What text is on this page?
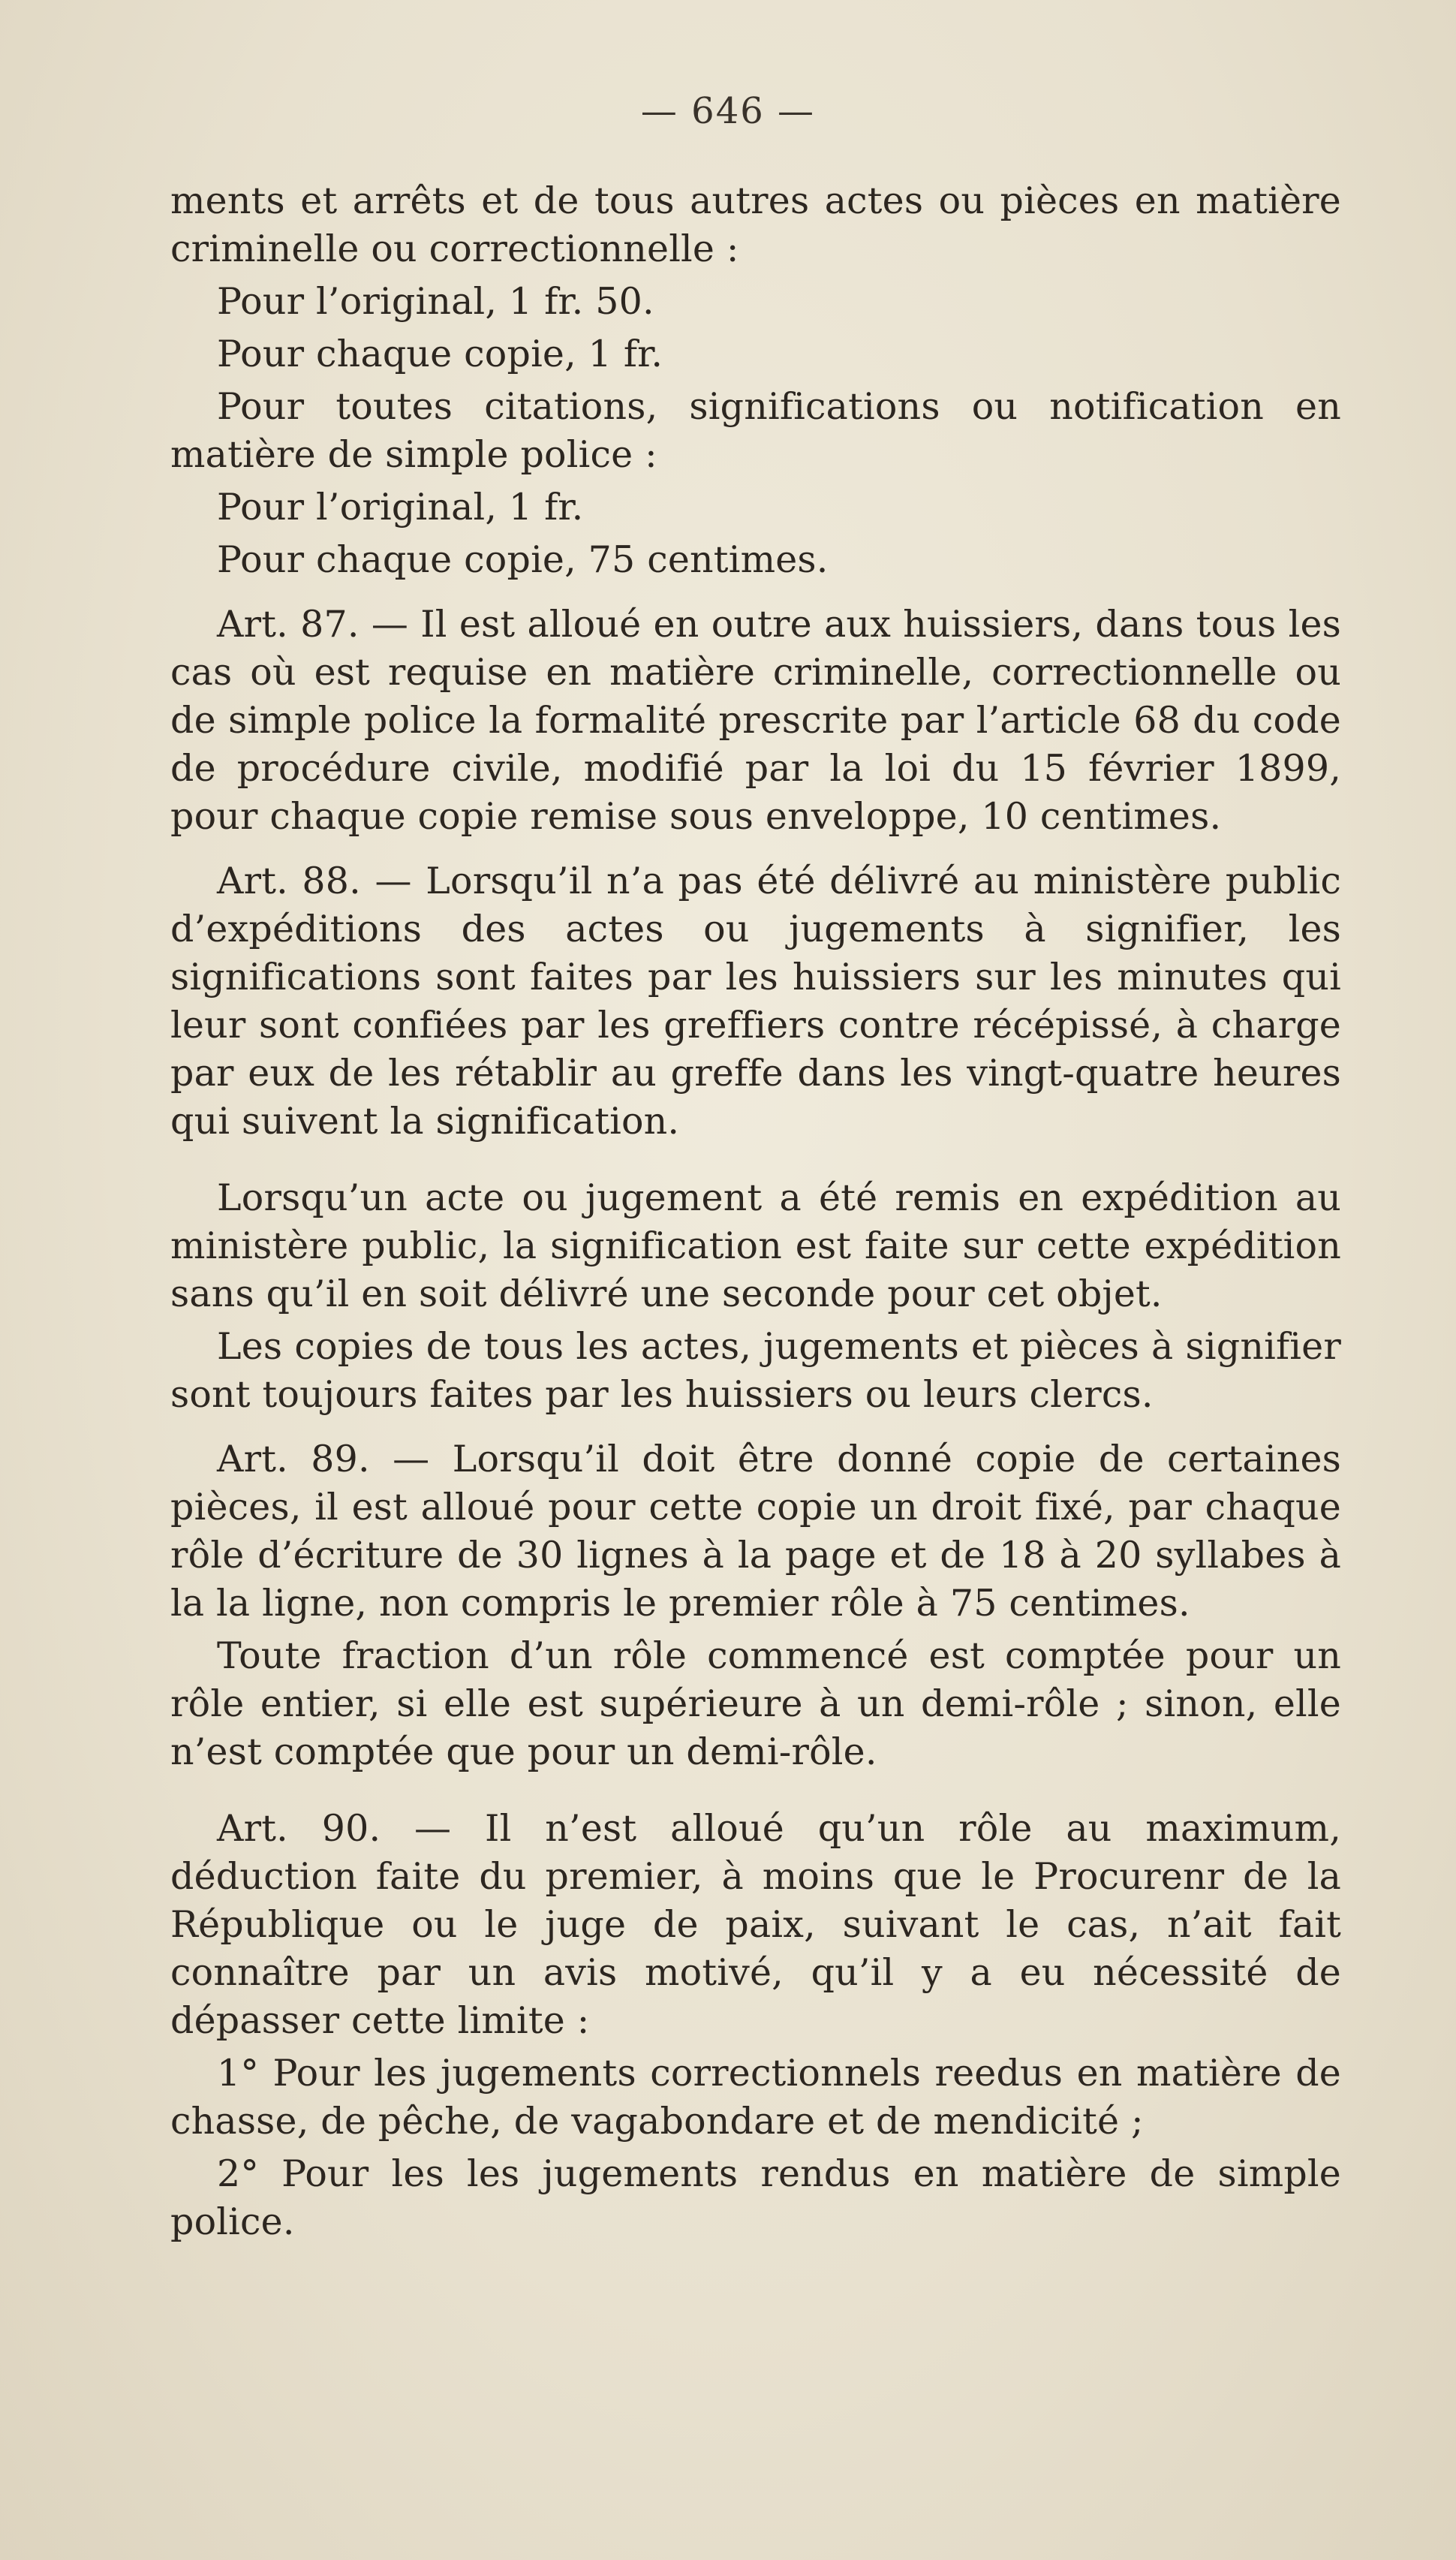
— 646 —

ments et arrêts et de tous autres actes ou pièces en matière criminelle ou correctionnelle :

Pour l’original, 1 fr. 50.

Pour chaque copie, 1 fr.

Pour toutes citations, significations ou notification en matière de simple police :

Pour l’original, 1 fr.

Pour chaque copie, 75 centimes.

Art. 87. — Il est alloué en outre aux huissiers, dans tous les cas où est requise en matière criminelle, correctionnelle ou de simple police la formalité prescrite par l’article 68 du code de procédure civile, modifié par la loi du 15 février 1899, pour chaque copie remise sous enveloppe, 10 centimes.

Art. 88. — Lorsqu’il n’a pas été délivré au ministère public d’expéditions des actes ou jugements à signifier, les significations sont faites par les huissiers sur les minutes qui leur sont confiées par les greffiers contre récépissé, à charge par eux de les rétablir au greffe dans les vingt-quatre heures qui suivent la signification.

Lorsqu’un acte ou jugement a été remis en expédition au ministère public, la signification est faite sur cette expédition sans qu’il en soit délivré une seconde pour cet objet.

Les copies de tous les actes, jugements et pièces à signifier sont toujours faites par les huissiers ou leurs clercs.

Art. 89. — Lorsqu’il doit être donné copie de certaines pièces, il est alloué pour cette copie un droit fixé, par chaque rôle d’écriture de 30 lignes à la page et de 18 à 20 syllabes à la la ligne, non compris le premier rôle à 75 centimes.

Toute fraction d’un rôle commencé est comptée pour un rôle entier, si elle est supérieure à un demi-rôle ; sinon, elle n’est comptée que pour un demi-rôle.

Art. 90. — Il n’est alloué qu’un rôle au maximum, déduction faite du premier, à moins que le Procurenr de la République ou le juge de paix, suivant le cas, n’ait fait connaître par un avis motivé, qu’il y a eu nécessité de dépasser cette limite :

1° Pour les jugements correctionnels reedus en matière de chasse, de pêche, de vagabondare et de mendicité ;

2° Pour les les jugements rendus en matière de simple police.
